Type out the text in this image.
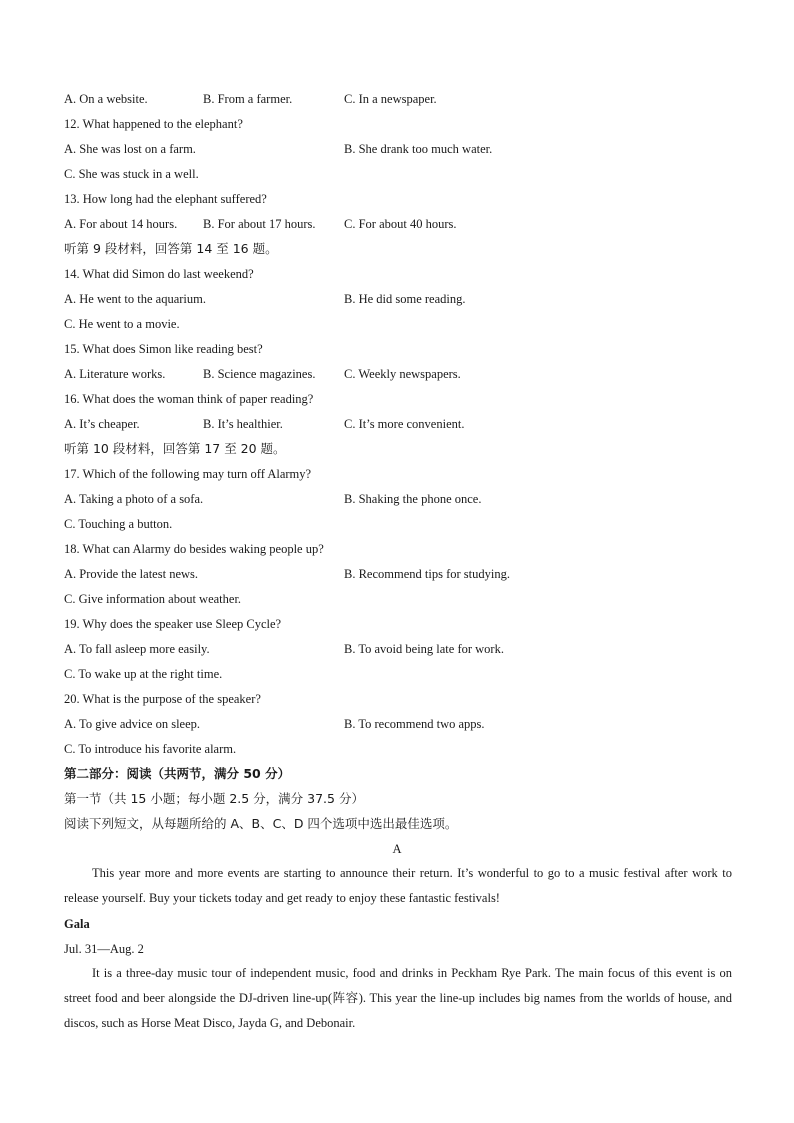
A. On a website.	B. From a farmer.	C. In a newspaper.
12. What happened to the elephant?
A. She was lost on a farm.	B. She drank too much water.
C. She was stuck in a well.
13. How long had the elephant suffered?
A. For about 14 hours. B. For about 17 hours. C. For about 40 hours.
听第 9 段材料，回答第 14 至 16 题。
14. What did Simon do last weekend?
A. He went to the aquarium.	B. He did some reading.
C. He went to a movie.
15. What does Simon like reading best?
A. Literature works.	B. Science magazines. C. Weekly newspapers.
16. What does the woman think of paper reading?
A. It’s cheaper.	B. It’s healthier.	C. It’s more convenient.
听第 10 段材料，回答第 17 至 20 题。
17. Which of the following may turn off Alarmy?
A. Taking a photo of a sofa.	B. Shaking the phone once.
C. Touching a button.
18. What can Alarmy do besides waking people up?
A. Provide the latest news.	B. Recommend tips for studying.
C. Give information about weather.
19. Why does the speaker use Sleep Cycle?
A. To fall asleep more easily.	B. To avoid being late for work.
C. To wake up at the right time.
20. What is the purpose of the speaker?
A. To give advice on sleep.	B. To recommend two apps.
C. To introduce his favorite alarm.
第二部分：阅读（共两节，满分 50 分）
第一节（共 15 小题；每小题 2.5 分，满分 37.5 分）
阅读下列短文，从每题所给的 A、B、C、D 四个选项中选出最佳选项。
A

This year more and more events are starting to announce their return. It’s wonderful to go to a music festival after work to release yourself. Buy your tickets today and get ready to enjoy these fantastic festivals!

Gala
Jul. 31—Aug. 2

It is a three-day music tour of independent music, food and drinks in Peckham Rye Park. The main focus of this event is on street food and beer alongside the DJ-driven line-up(阵容). This year the line-up includes big names from the worlds of house, and discos, such as Horse Meat Disco, Jayda G, and Debonair.
